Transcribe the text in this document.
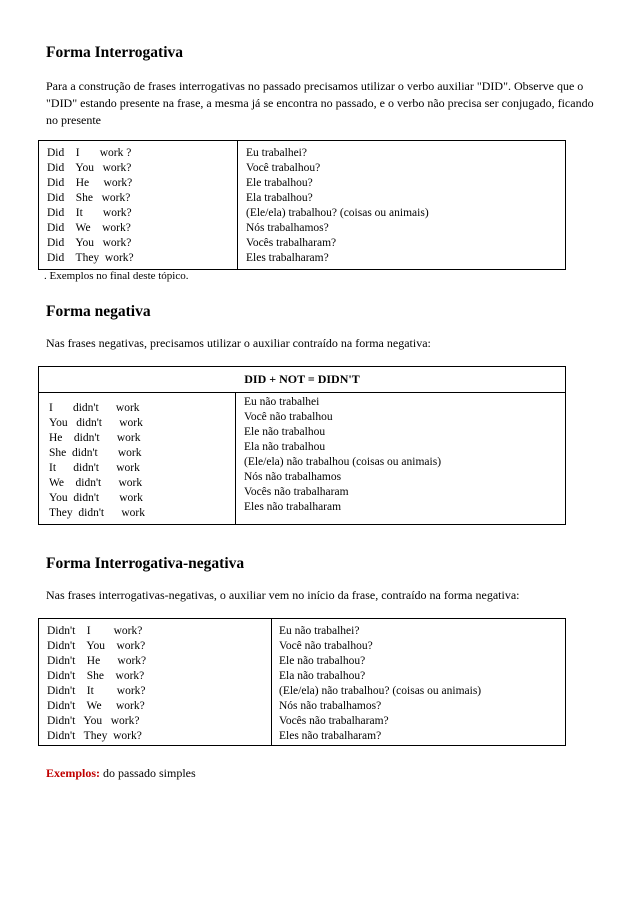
Forma Interrogativa
Para a construção de frases interrogativas no passado precisamos utilizar o verbo auxiliar "DID". Observe que o "DID" estando presente na frase, a mesma já se encontra no passado, e o verbo não precisa ser conjugado, ficando no presente
Did    I       work ?
Did    You   work?
Did    He     work?
Did    She   work?
Did    It       work?
Did    We    work?
Did    You   work?
Did    They  work?
Eu trabalhei?
Você trabalhou?
Ele trabalhou?
Ela trabalhou?
(Ele/ela) trabalhou? (coisas ou animais)
Nós trabalhamos?
Vocês trabalharam?
Eles trabalharam?
. Exemplos no final deste tópico.
Forma negativa
Nas frases negativas, precisamos utilizar o auxiliar contraído na forma negativa:
DID + NOT = DIDN'T
I       didn't      work
You   didn't      work
He    didn't      work
She  didn't       work
It      didn't      work
We    didn't      work
You  didn't       work
They  didn't      work
Eu não trabalhei
Você não trabalhou
Ele não trabalhou
Ela não trabalhou
(Ele/ela) não trabalhou (coisas ou animais)
Nós não trabalhamos
Vocês não trabalharam
Eles não trabalharam
Forma Interrogativa-negativa
Nas frases interrogativas-negativas, o auxiliar vem no início da frase, contraído na forma negativa:
Didn't    I        work?
Didn't    You    work?
Didn't    He      work?
Didn't    She    work?
Didn't    It        work?
Didn't    We     work?
Didn't   You   work?
Didn't   They  work?
Eu não trabalhei?
Você não trabalhou?
Ele não trabalhou?
Ela não trabalhou?
(Ele/ela) não trabalhou? (coisas ou animais)
Nós não trabalhamos?
Vocês não trabalharam?
Eles não trabalharam?
Exemplos: do passado simples
